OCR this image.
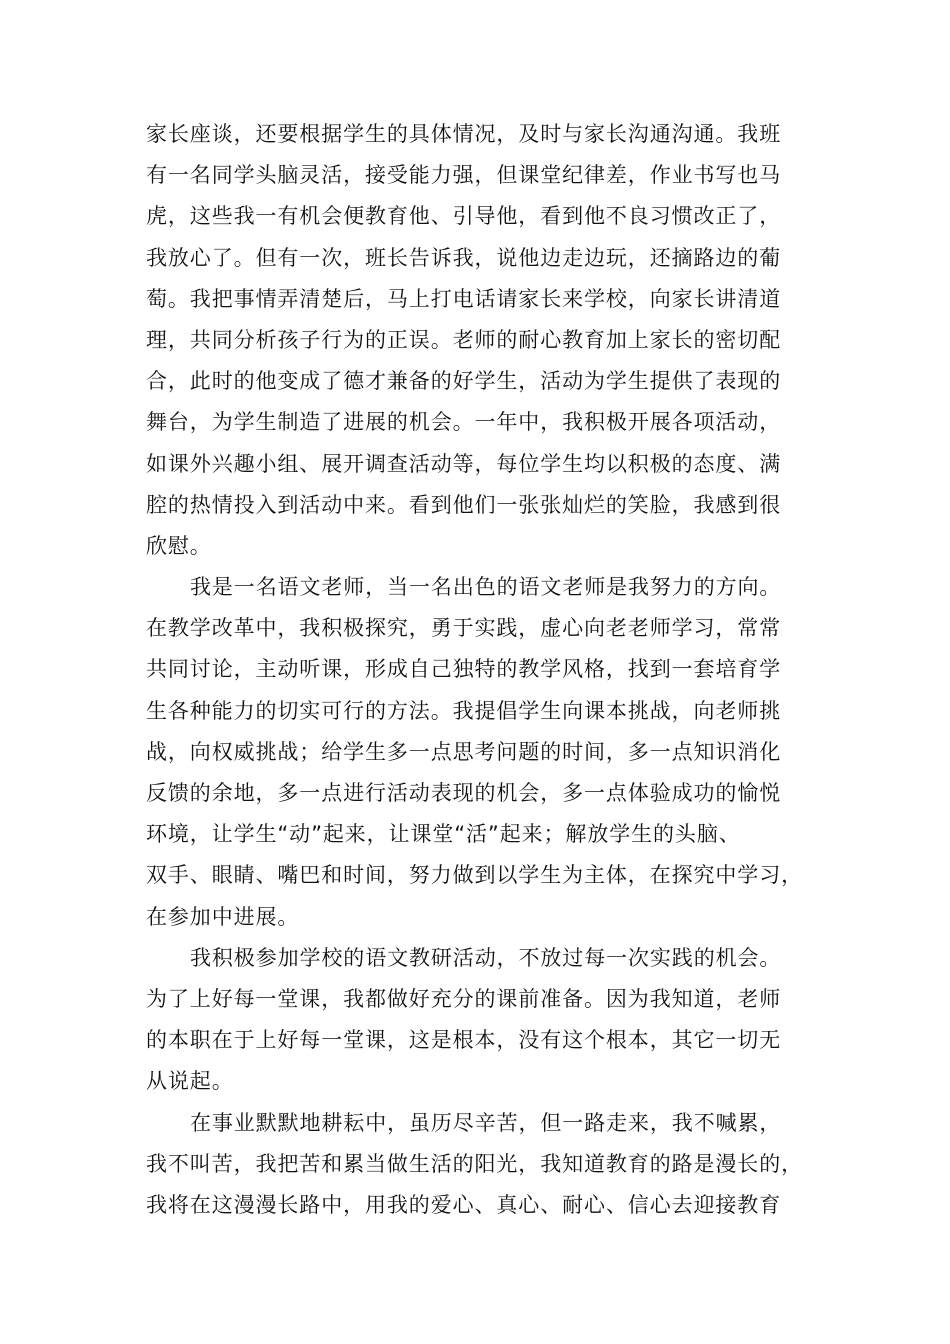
家长座谈，还要根据学生的具体情况，及时与家长沟通沟通。我班
有一名同学头脑灵活，接受能力强，但课堂纪律差，作业书写也马
虎，这些我一有机会便教育他、引导他，看到他不良习惯改正了，
我放心了。但有一次，班长告诉我，说他边走边玩，还摘路边的葡
萄。我把事情弄清楚后，马上打电话请家长来学校，向家长讲清道
理，共同分析孩子行为的正误。老师的耐心教育加上家长的密切配
合，此时的他变成了德才兼备的好学生，活动为学生提供了表现的
舞台，为学生制造了进展的机会。一年中，我积极开展各项活动，
如课外兴趣小组、展开调查活动等，每位学生均以积极的态度、满
腔的热情投入到活动中来。看到他们一张张灿烂的笑脸，我感到很
欣慰。
我是一名语文老师，当一名出色的语文老师是我努力的方向。
在教学改革中，我积极探究，勇于实践，虚心向老老师学习，常常
共同讨论，主动听课，形成自己独特的教学风格，找到一套培育学
生各种能力的切实可行的方法。我提倡学生向课本挑战，向老师挑
战，向权威挑战；给学生多一点思考问题的时间，多一点知识消化
反馈的余地，多一点进行活动表现的机会，多一点体验成功的愉悦
环境，让学生“动”起来，让课堂“活”起来；解放学生的头脑、
双手、眼睛、嘴巴和时间，努力做到以学生为主体，在探究中学习，
在参加中进展。
我积极参加学校的语文教研活动，不放过每一次实践的机会。
为了上好每一堂课，我都做好充分的课前准备。因为我知道，老师
的本职在于上好每一堂课，这是根本，没有这个根本，其它一切无
从说起。
在事业默默地耕耘中，虽历尽辛苦，但一路走来，我不喊累，
我不叫苦，我把苦和累当做生活的阳光，我知道教育的路是漫长的，
我将在这漫漫长路中，用我的爱心、真心、耐心、信心去迎接教育
